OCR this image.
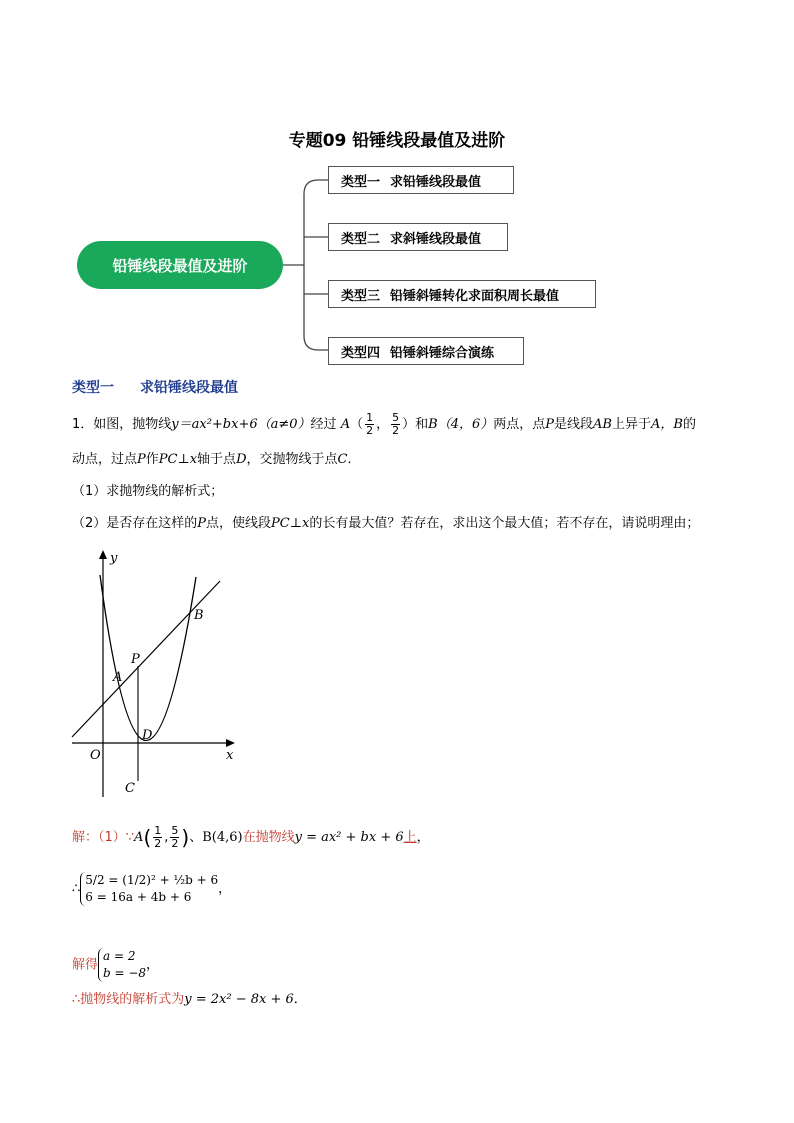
专题09 铅锤线段最值及进阶
铅锤线段最值及进阶
类型一 求铅锤线段最值
类型二 求斜锤线段最值
类型三 铅锤斜锤转化求面积周长最值
类型四 铅锤斜锤综合演练
类型一 求铅锤线段最值
1．如图，抛物线y＝ax²+bx+6（a≠0）经过 $A( \frac{1}{2}$ ， $\frac{5}{2}$ ）和B（4，6）两点，点P是线段AB上异于A，B的
动点，过点P作PC⊥x轴于点D，交抛物线于点C．
（1）求抛物线的解析式；
（2）是否存在这样的P点，使线段PC⊥x的长有最大值？若存在，求出这个最大值；若不存在，请说明理由；
y
x
O
A
B
P
D
C
解：（1）∵A( $\frac{1}{2}$ , $\frac{5}{2}$ )、B(4,6)在抛物线y = ax² + bx + 6上，
∴
5/2 = (1/2)² + ½b + 6
6 = 16a + 4b + 6
，
解得
a = 2
b = −8
，
∴抛物线的解析式为y = 2x² − 8x + 6．
